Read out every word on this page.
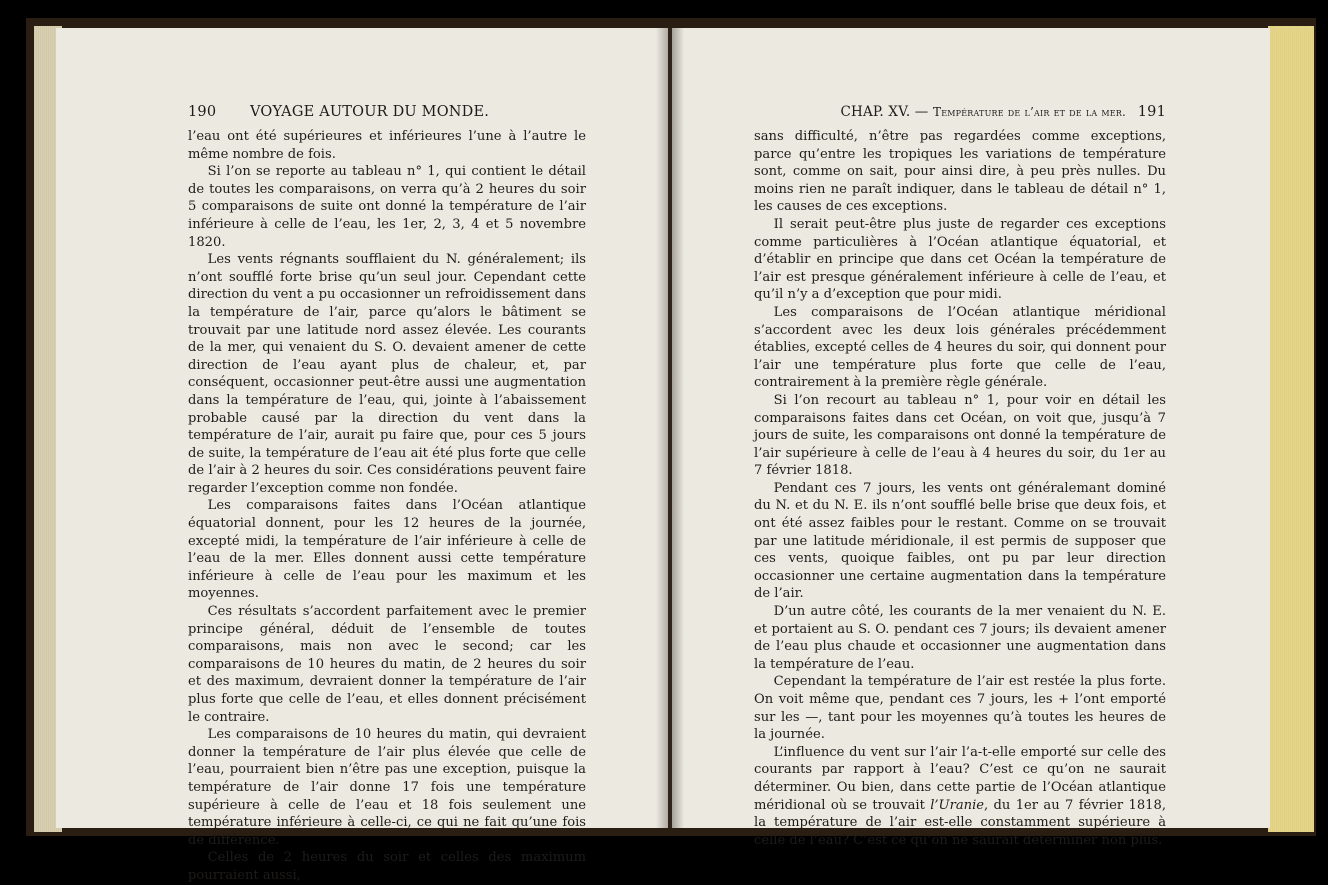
190 VOYAGE AUTOUR DU MONDE.

l’eau ont été supérieures et inférieures l’une à l’autre le même nombre de fois.

Si l’on se reporte au tableau n° 1, qui contient le détail de toutes les comparaisons, on verra qu’à 2 heures du soir 5 comparaisons de suite ont donné la température de l’air inférieure à celle de l’eau, les 1er, 2, 3, 4 et 5 novembre 1820.

Les vents régnants soufflaient du N. généralement; ils n’ont soufflé forte brise qu’un seul jour. Cependant cette direction du vent a pu occasionner un refroidissement dans la température de l’air, parce qu’alors le bâtiment se trouvait par une latitude nord assez élevée. Les courants de la mer, qui venaient du S. O. devaient amener de cette direction de l’eau ayant plus de chaleur, et, par conséquent, occasionner peut-être aussi une augmentation dans la température de l’eau, qui, jointe à l’abaissement probable causé par la direction du vent dans la température de l’air, aurait pu faire que, pour ces 5 jours de suite, la température de l’eau ait été plus forte que celle de l’air à 2 heures du soir. Ces considérations peuvent faire regarder l’exception comme non fondée.

Les comparaisons faites dans l’Océan atlantique équatorial donnent, pour les 12 heures de la journée, excepté midi, la température de l’air inférieure à celle de l’eau de la mer. Elles donnent aussi cette température inférieure à celle de l’eau pour les maximum et les moyennes.

Ces résultats s’accordent parfaitement avec le premier principe général, déduit de l’ensemble de toutes comparaisons, mais non avec le second; car les comparaisons de 10 heures du matin, de 2 heures du soir et des maximum, devraient donner la température de l’air plus forte que celle de l’eau, et elles donnent précisément le contraire.

Les comparaisons de 10 heures du matin, qui devraient donner la température de l’air plus élevée que celle de l’eau, pourraient bien n’être pas une exception, puisque la température de l’air donne 17 fois une température supérieure à celle de l’eau et 18 fois seulement une température inférieure à celle-ci, ce qui ne fait qu’une fois de différence.

Celles de 2 heures du soir et celles des maximum pourraient aussi,

CHAP. XV. — Température de l’air et de la mer. 191

sans difficulté, n’être pas regardées comme exceptions, parce qu’entre les tropiques les variations de température sont, comme on sait, pour ainsi dire, à peu près nulles. Du moins rien ne paraît indiquer, dans le tableau de détail n° 1, les causes de ces exceptions.

Il serait peut-être plus juste de regarder ces exceptions comme particulières à l’Océan atlantique équatorial, et d’établir en principe que dans cet Océan la température de l’air est presque généralement inférieure à celle de l’eau, et qu’il n’y a d’exception que pour midi.

Les comparaisons de l’Océan atlantique méridional s’accordent avec les deux lois générales précédemment établies, excepté celles de 4 heures du soir, qui donnent pour l’air une température plus forte que celle de l’eau, contrairement à la première règle générale.

Si l’on recourt au tableau n° 1, pour voir en détail les comparaisons faites dans cet Océan, on voit que, jusqu’à 7 jours de suite, les comparaisons ont donné la température de l’air supérieure à celle de l’eau à 4 heures du soir, du 1er au 7 février 1818.

Pendant ces 7 jours, les vents ont généralemant dominé du N. et du N. E. ils n’ont soufflé belle brise que deux fois, et ont été assez faibles pour le restant. Comme on se trouvait par une latitude méridionale, il est permis de supposer que ces vents, quoique faibles, ont pu par leur direction occasionner une certaine augmentation dans la température de l’air.

D’un autre côté, les courants de la mer venaient du N. E. et portaient au S. O. pendant ces 7 jours; ils devaient amener de l’eau plus chaude et occasionner une augmentation dans la température de l’eau.

Cependant la température de l’air est restée la plus forte. On voit même que, pendant ces 7 jours, les + l’ont emporté sur les —, tant pour les moyennes qu’à toutes les heures de la journée.

L’influence du vent sur l’air l’a-t-elle emporté sur celle des courants par rapport à l’eau? C’est ce qu’on ne saurait déterminer. Ou bien, dans cette partie de l’Océan atlantique méridional où se trouvait l’Uranie, du 1er au 7 février 1818, la température de l’air est-elle constamment supérieure à celle de l’eau? C’est ce qu’on ne saurait déterminer non plus.
